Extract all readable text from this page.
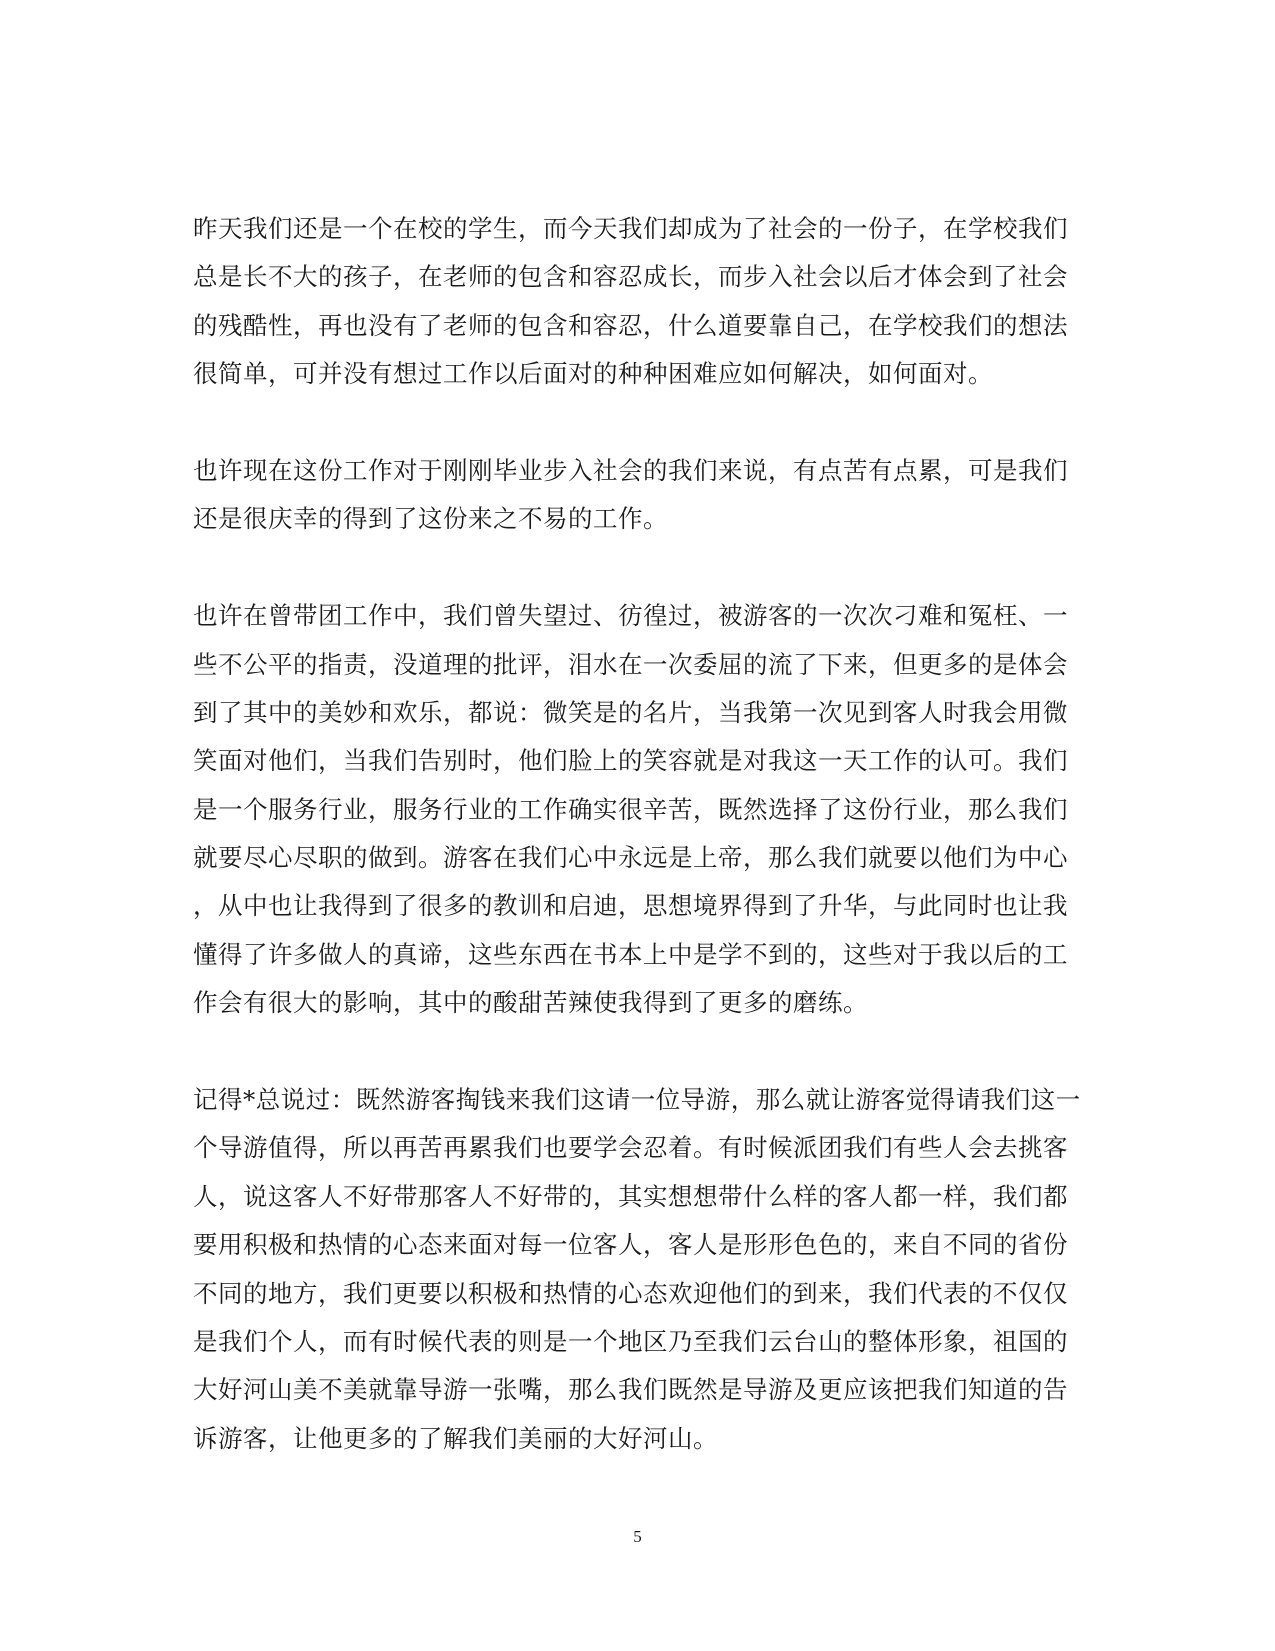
昨天我们还是一个在校的学生，而今天我们却成为了社会的一份子，在学校我们
总是长不大的孩子，在老师的包含和容忍成长，而步入社会以后才体会到了社会
的残酷性，再也没有了老师的包含和容忍，什么道要靠自己，在学校我们的想法
很简单，可并没有想过工作以后面对的种种困难应如何解决，如何面对。
也许现在这份工作对于刚刚毕业步入社会的我们来说，有点苦有点累，可是我们
还是很庆幸的得到了这份来之不易的工作。
也许在曾带团工作中，我们曾失望过、彷徨过，被游客的一次次刁难和冤枉、一
些不公平的指责，没道理的批评，泪水在一次委屈的流了下来，但更多的是体会
到了其中的美妙和欢乐，都说：微笑是的名片，当我第一次见到客人时我会用微
笑面对他们，当我们告别时，他们脸上的笑容就是对我这一天工作的认可。我们
是一个服务行业，服务行业的工作确实很辛苦，既然选择了这份行业，那么我们
就要尽心尽职的做到。游客在我们心中永远是上帝，那么我们就要以他们为中心
，从中也让我得到了很多的教训和启迪，思想境界得到了升华，与此同时也让我
懂得了许多做人的真谛，这些东西在书本上中是学不到的，这些对于我以后的工
作会有很大的影响，其中的酸甜苦辣使我得到了更多的磨练。
记得*总说过：既然游客掏钱来我们这请一位导游，那么就让游客觉得请我们这一
个导游值得，所以再苦再累我们也要学会忍着。有时候派团我们有些人会去挑客
人，说这客人不好带那客人不好带的，其实想想带什么样的客人都一样，我们都
要用积极和热情的心态来面对每一位客人，客人是形形色色的，来自不同的省份
不同的地方，我们更要以积极和热情的心态欢迎他们的到来，我们代表的不仅仅
是我们个人，而有时候代表的则是一个地区乃至我们云台山的整体形象，祖国的
大好河山美不美就靠导游一张嘴，那么我们既然是导游及更应该把我们知道的告
诉游客，让他更多的了解我们美丽的大好河山。
5
